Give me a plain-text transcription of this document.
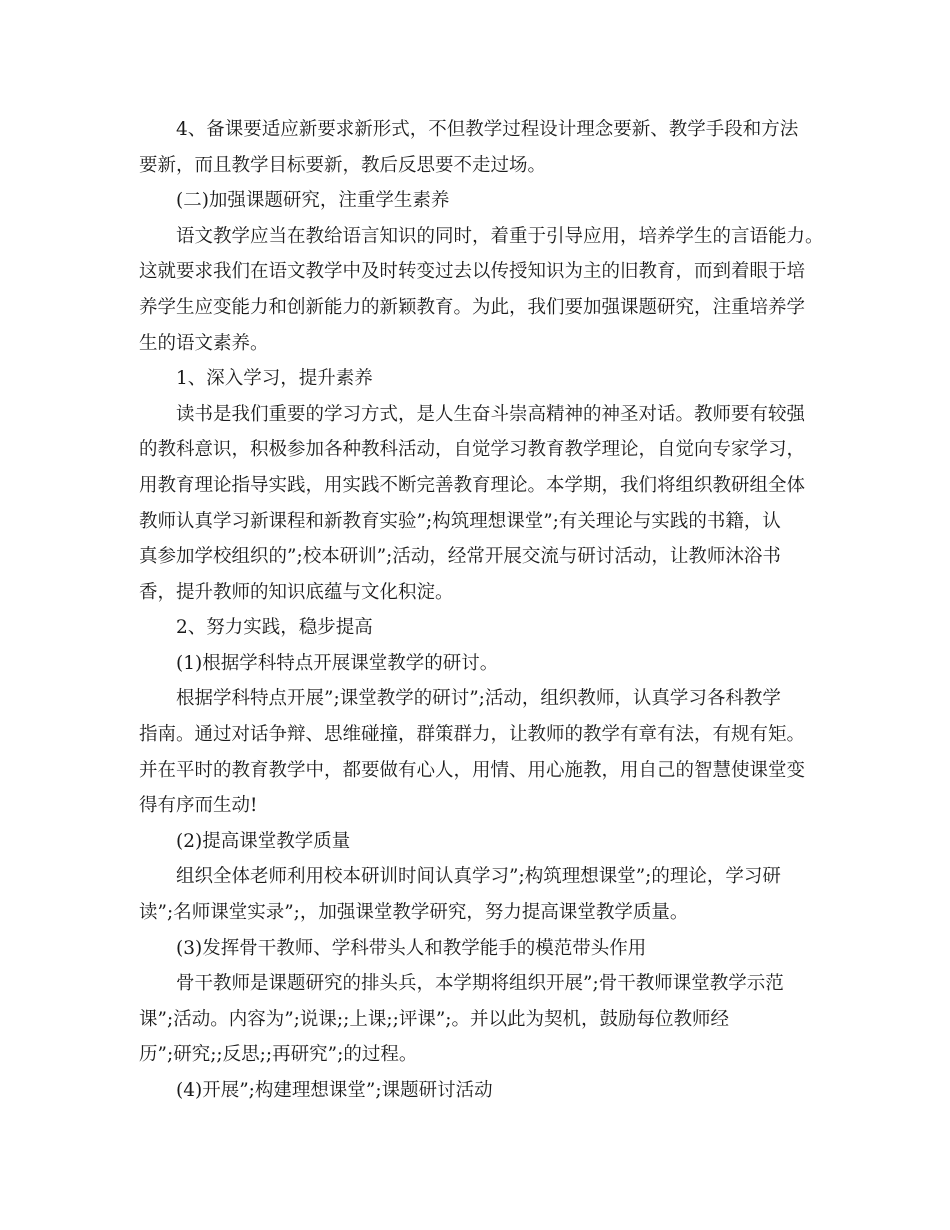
4、备课要适应新要求新形式，不但教学过程设计理念要新、教学手段和方法
要新，而且教学目标要新，教后反思要不走过场。
(二)加强课题研究，注重学生素养
语文教学应当在教给语言知识的同时，着重于引导应用，培养学生的言语能力。
这就要求我们在语文教学中及时转变过去以传授知识为主的旧教育，而到着眼于培
养学生应变能力和创新能力的新颖教育。为此，我们要加强课题研究，注重培养学
生的语文素养。
1、深入学习，提升素养
读书是我们重要的学习方式，是人生奋斗崇高精神的神圣对话。教师要有较强
的教科意识，积极参加各种教科活动，自觉学习教育教学理论，自觉向专家学习，
用教育理论指导实践，用实践不断完善教育理论。本学期，我们将组织教研组全体
教师认真学习新课程和新教育实验”;构筑理想课堂”;有关理论与实践的书籍，认
真参加学校组织的”;校本研训”;活动，经常开展交流与研讨活动，让教师沐浴书
香，提升教师的知识底蕴与文化积淀。
2、努力实践，稳步提高
(1)根据学科特点开展课堂教学的研讨。
根据学科特点开展”;课堂教学的研讨”;活动，组织教师，认真学习各科教学
指南。通过对话争辩、思维碰撞，群策群力，让教师的教学有章有法，有规有矩。
并在平时的教育教学中，都要做有心人，用情、用心施教，用自己的智慧使课堂变
得有序而生动!
(2)提高课堂教学质量
组织全体老师利用校本研训时间认真学习”;构筑理想课堂”;的理论，学习研
读”;名师课堂实录”;，加强课堂教学研究，努力提高课堂教学质量。
(3)发挥骨干教师、学科带头人和教学能手的模范带头作用
骨干教师是课题研究的排头兵，本学期将组织开展”;骨干教师课堂教学示范
课”;活动。内容为”;说课;;上课;;评课”;。并以此为契机，鼓励每位教师经
历”;研究;;反思;;再研究”;的过程。
(4)开展”;构建理想课堂”;课题研讨活动
